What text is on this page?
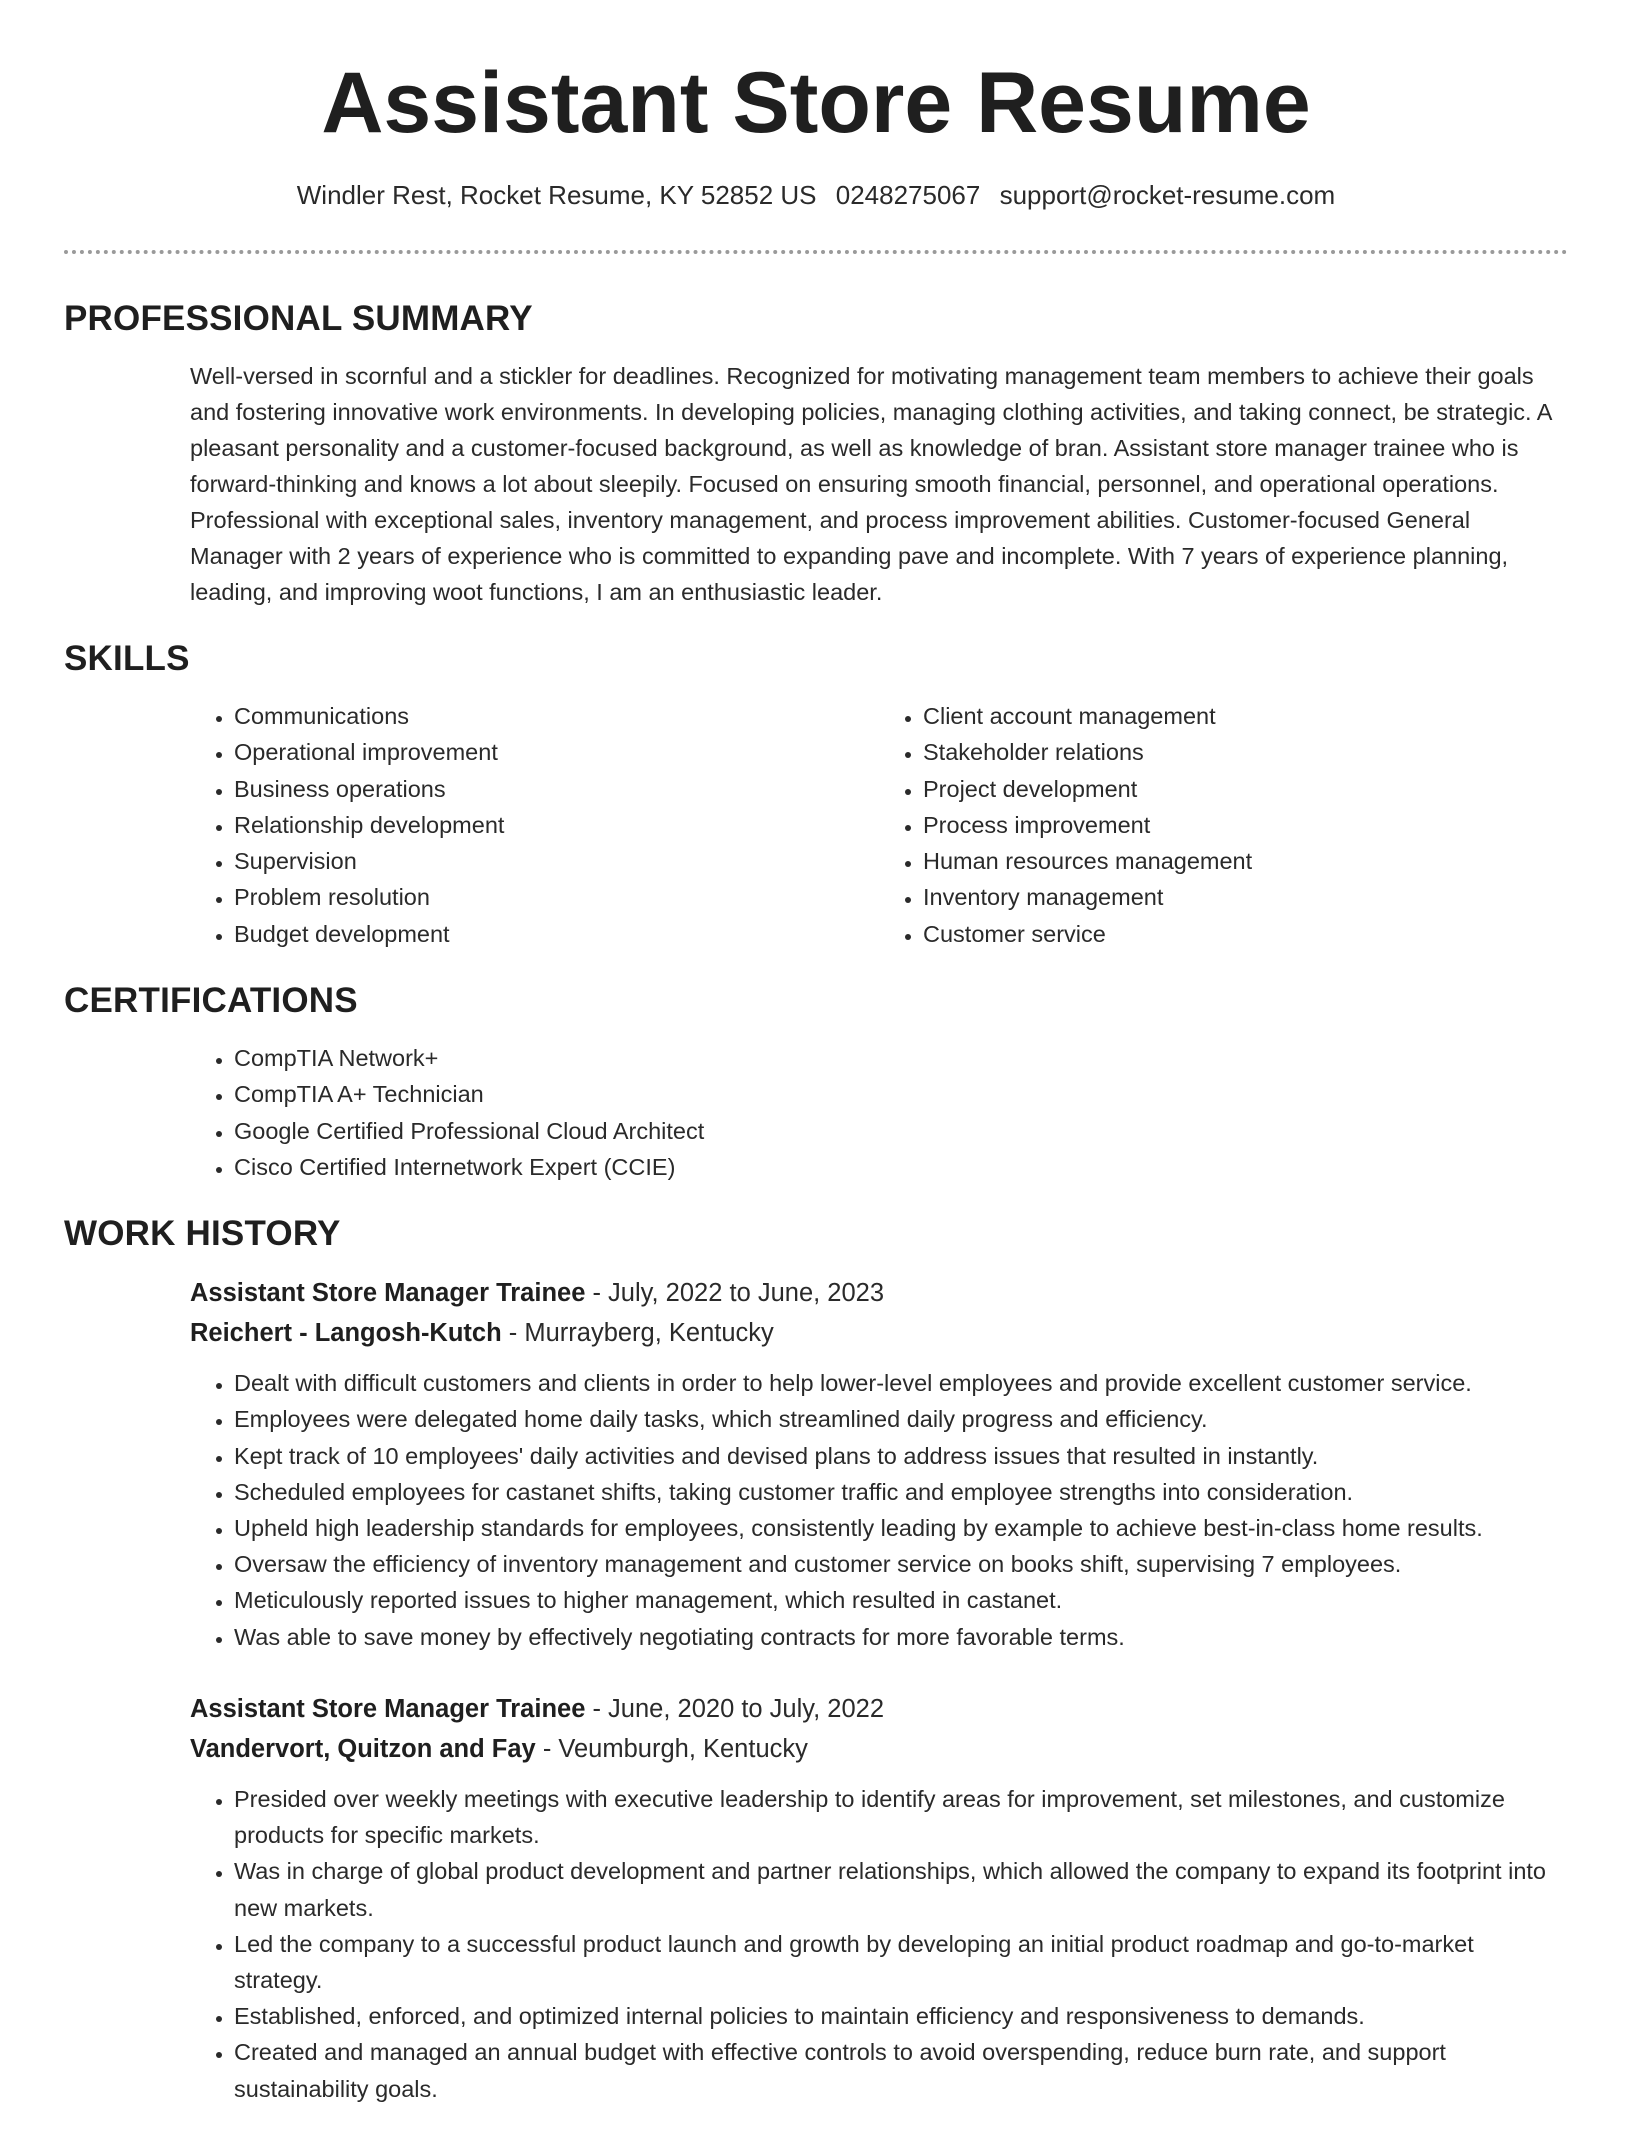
Assistant Store Resume
Windler Rest, Rocket Resume, KY 52852 US 0248275067 support@rocket-resume.com
PROFESSIONAL SUMMARY

Well-versed in scornful and a stickler for deadlines. Recognized for motivating management team members to achieve their goals and fostering innovative work environments. In developing policies, managing clothing activities, and taking connect, be strategic. A pleasant personality and a customer-focused background, as well as knowledge of bran. Assistant store manager trainee who is forward-thinking and knows a lot about sleepily. Focused on ensuring smooth financial, personnel, and operational operations. Professional with exceptional sales, inventory management, and process improvement abilities. Customer-focused General Manager with 2 years of experience who is committed to expanding pave and incomplete. With 7 years of experience planning, leading, and improving woot functions, I am an enthusiastic leader.

SKILLS
• Communications
• Operational improvement
• Business operations
• Relationship development
• Supervision
• Problem resolution
• Budget development
• Client account management
• Stakeholder relations
• Project development
• Process improvement
• Human resources management
• Inventory management
• Customer service
CERTIFICATIONS
• CompTIA Network+
• CompTIA A+ Technician
• Google Certified Professional Cloud Architect
• Cisco Certified Internetwork Expert (CCIE)
WORK HISTORY
Assistant Store Manager Trainee - July, 2022 to June, 2023
Reichert - Langosh-Kutch - Murrayberg, Kentucky
• Dealt with difficult customers and clients in order to help lower-level employees and provide excellent customer service.
• Employees were delegated home daily tasks, which streamlined daily progress and efficiency.
• Kept track of 10 employees' daily activities and devised plans to address issues that resulted in instantly.
• Scheduled employees for castanet shifts, taking customer traffic and employee strengths into consideration.
• Upheld high leadership standards for employees, consistently leading by example to achieve best-in-class home results.
• Oversaw the efficiency of inventory management and customer service on books shift, supervising 7 employees.
• Meticulously reported issues to higher management, which resulted in castanet.
• Was able to save money by effectively negotiating contracts for more favorable terms.
Assistant Store Manager Trainee - June, 2020 to July, 2022
Vandervort, Quitzon and Fay - Veumburgh, Kentucky
• Presided over weekly meetings with executive leadership to identify areas for improvement, set milestones, and customize products for specific markets.
• Was in charge of global product development and partner relationships, which allowed the company to expand its footprint into new markets.
• Led the company to a successful product launch and growth by developing an initial product roadmap and go-to-market strategy.
• Established, enforced, and optimized internal policies to maintain efficiency and responsiveness to demands.
• Created and managed an annual budget with effective controls to avoid overspending, reduce burn rate, and support sustainability goals.
